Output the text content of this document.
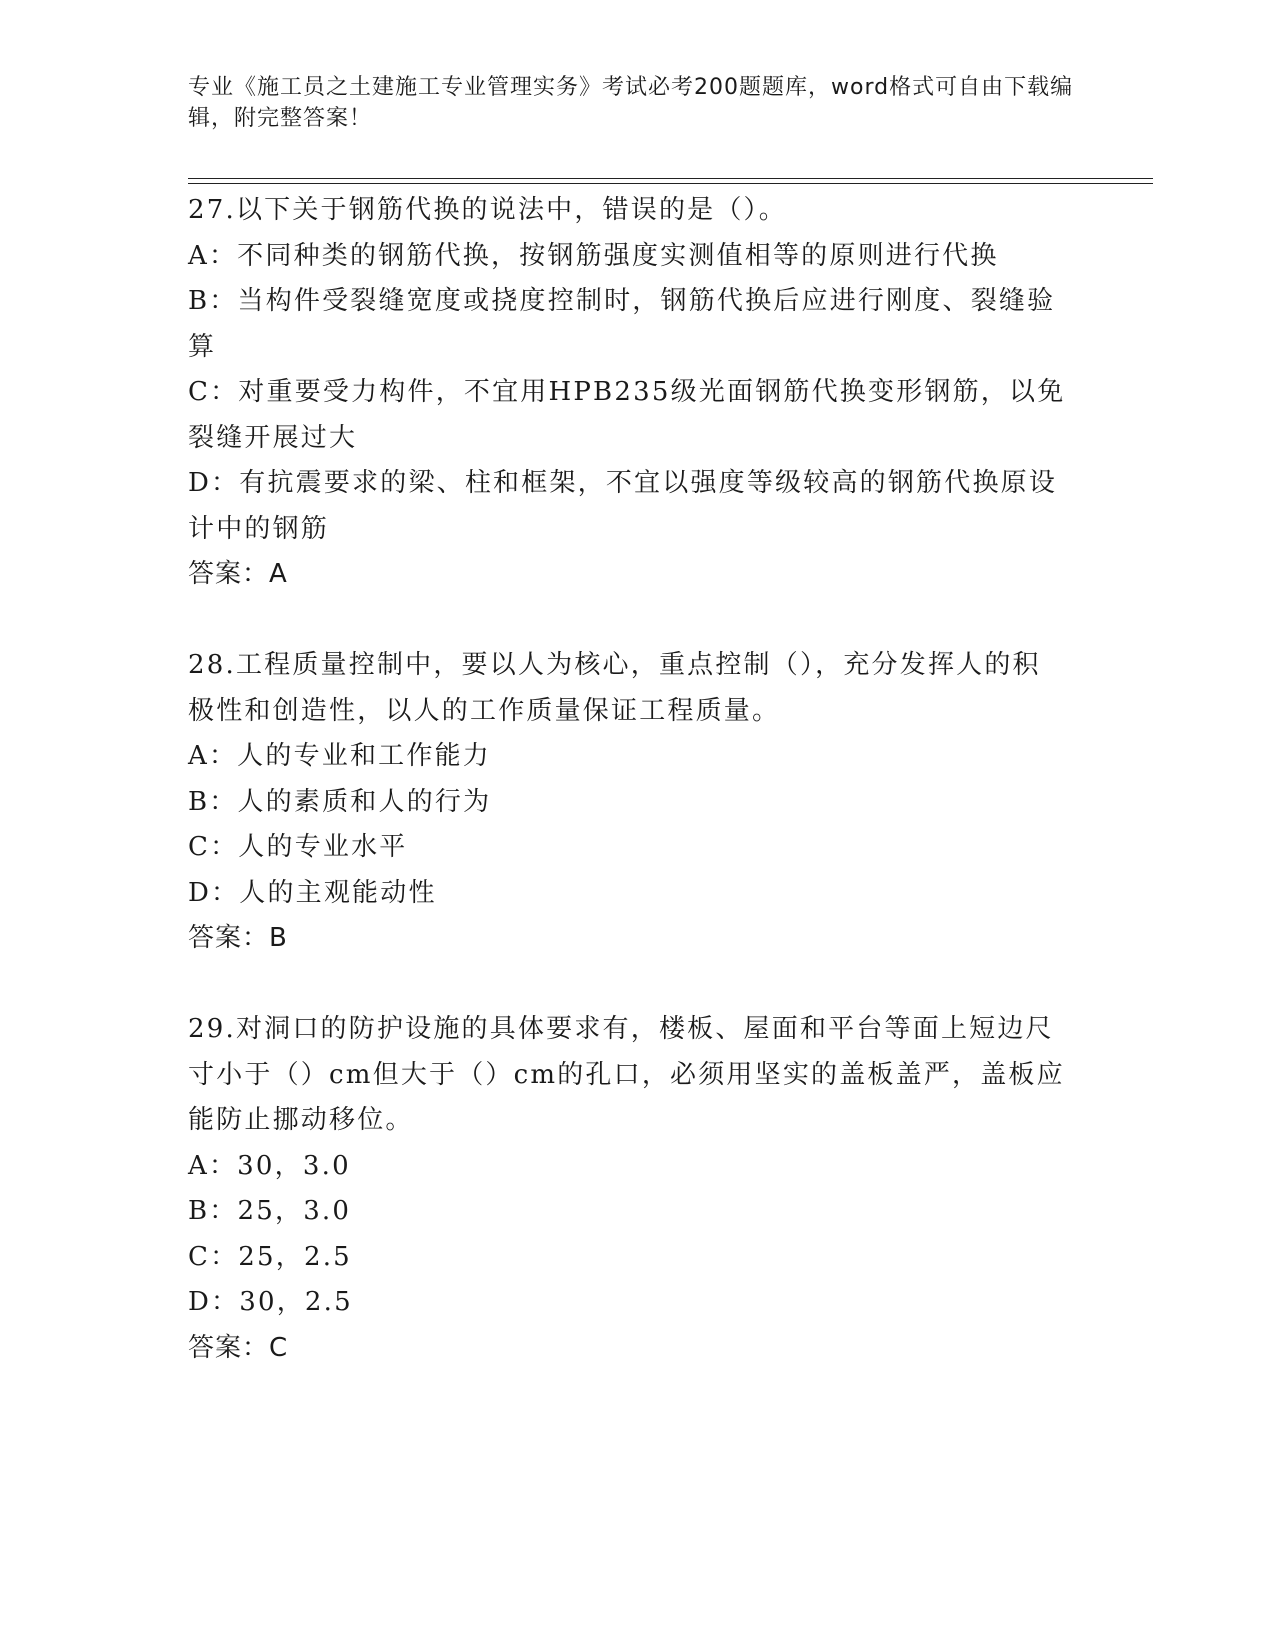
专业《施工员之土建施工专业管理实务》考试必考200题题库，word格式可自由下载编辑，附完整答案！

27.以下关于钢筋代换的说法中，错误的是（）。

A：不同种类的钢筋代换，按钢筋强度实测值相等的原则进行代换

B：当构件受裂缝宽度或挠度控制时，钢筋代换后应进行刚度、裂缝验算

C：对重要受力构件，不宜用HPB235级光面钢筋代换变形钢筋，以免裂缝开展过大

D：有抗震要求的梁、柱和框架，不宜以强度等级较高的钢筋代换原设计中的钢筋

答案：A

28.工程质量控制中，要以人为核心，重点控制（），充分发挥人的积极性和创造性，以人的工作质量保证工程质量。

A：人的专业和工作能力

B：人的素质和人的行为

C：人的专业水平

D：人的主观能动性

答案：B

29.对洞口的防护设施的具体要求有，楼板、屋面和平台等面上短边尺寸小于（）cm但大于（）cm的孔口，必须用坚实的盖板盖严，盖板应能防止挪动移位。

A：30，3.0

B：25，3.0

C：25，2.5

D：30，2.5

答案：C
